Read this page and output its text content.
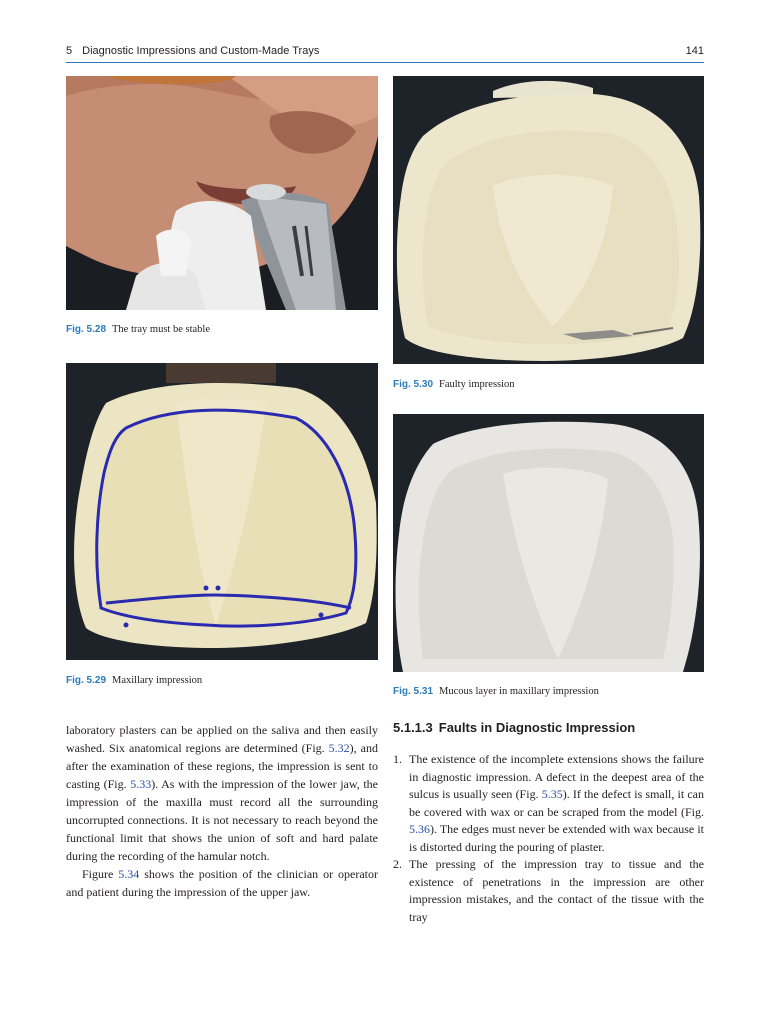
5 Diagnostic Impressions and Custom-Made Trays	141
Fig. 5.28 The tray must be stable
Fig. 5.29 Maxillary impression
Fig. 5.30 Faulty impression
Fig. 5.31 Mucous layer in maxillary impression

laboratory plasters can be applied on the saliva and then easily washed. Six anatomical regions are determined (Fig. 5.32), and after the examination of these regions, the impression is sent to casting (Fig. 5.33). As with the impression of the lower jaw, the impression of the maxilla must record all the surrounding uncorrupted connections. It is not necessary to reach beyond the functional limit that shows the union of soft and hard palate during the recording of the hamular notch.

Figure 5.34 shows the position of the clinician or operator and patient during the impression of the upper jaw.

5.1.1.3 Faults in Diagnostic Impression
1. The existence of the incomplete extensions shows the failure in diagnostic impression. A defect in the deepest area of the sulcus is usually seen (Fig. 5.35). If the defect is small, it can be covered with wax or can be scraped from the model (Fig. 5.36). The edges must never be extended with wax because it is distorted during the pouring of plaster.
2. The pressing of the impression tray to tissue and the existence of penetrations in the impression are other impression mistakes, and the contact of the tissue with the tray
